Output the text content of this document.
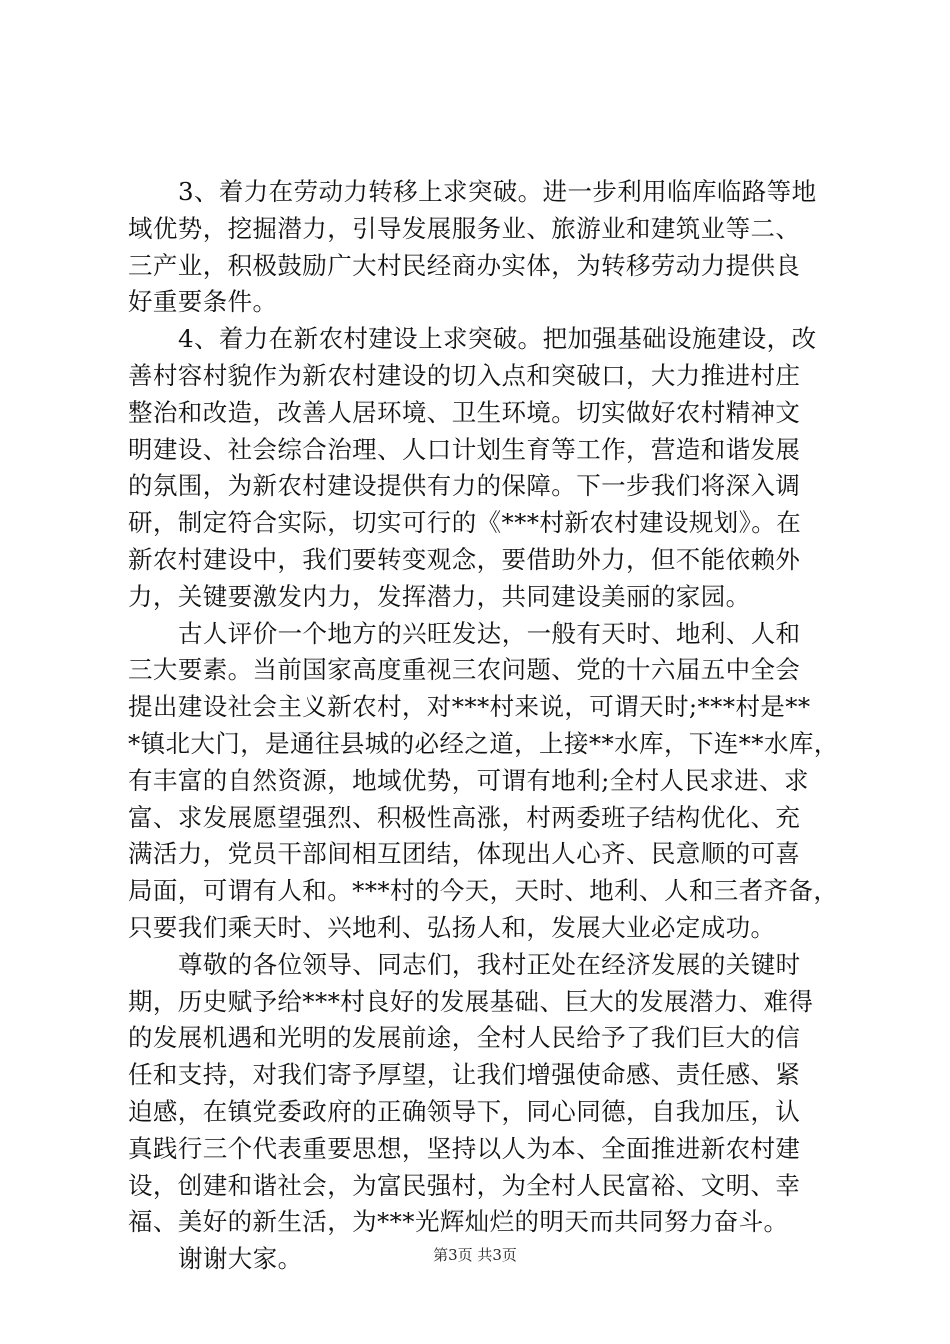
3、着力在劳动力转移上求突破。进一步利用临库临路等地
域优势，挖掘潜力，引导发展服务业、旅游业和建筑业等二、
三产业，积极鼓励广大村民经商办实体，为转移劳动力提供良
好重要条件。
4、着力在新农村建设上求突破。把加强基础设施建设，改
善村容村貌作为新农村建设的切入点和突破口，大力推进村庄
整治和改造，改善人居环境、卫生环境。切实做好农村精神文
明建设、社会综合治理、人口计划生育等工作，营造和谐发展
的氛围，为新农村建设提供有力的保障。下一步我们将深入调
研，制定符合实际，切实可行的《***村新农村建设规划》。在
新农村建设中，我们要转变观念，要借助外力，但不能依赖外
力，关键要激发内力，发挥潜力，共同建设美丽的家园。
古人评价一个地方的兴旺发达，一般有天时、地利、人和
三大要素。当前国家高度重视三农问题、党的十六届五中全会
提出建设社会主义新农村，对***村来说，可谓天时;***村是**
*镇北大门，是通往县城的必经之道，上接**水库，下连**水库，
有丰富的自然资源，地域优势，可谓有地利;全村人民求进、求
富、求发展愿望强烈、积极性高涨，村两委班子结构优化、充
满活力，党员干部间相互团结，体现出人心齐、民意顺的可喜
局面，可谓有人和。***村的今天，天时、地利、人和三者齐备，
只要我们乘天时、兴地利、弘扬人和，发展大业必定成功。
尊敬的各位领导、同志们，我村正处在经济发展的关键时
期，历史赋予给***村良好的发展基础、巨大的发展潜力、难得
的发展机遇和光明的发展前途，全村人民给予了我们巨大的信
任和支持，对我们寄予厚望，让我们增强使命感、责任感、紧
迫感，在镇党委政府的正确领导下，同心同德，自我加压，认
真践行三个代表重要思想，坚持以人为本、全面推进新农村建
设，创建和谐社会，为富民强村，为全村人民富裕、文明、幸
福、美好的新生活，为***光辉灿烂的明天而共同努力奋斗。
谢谢大家。	第3页 共3页
